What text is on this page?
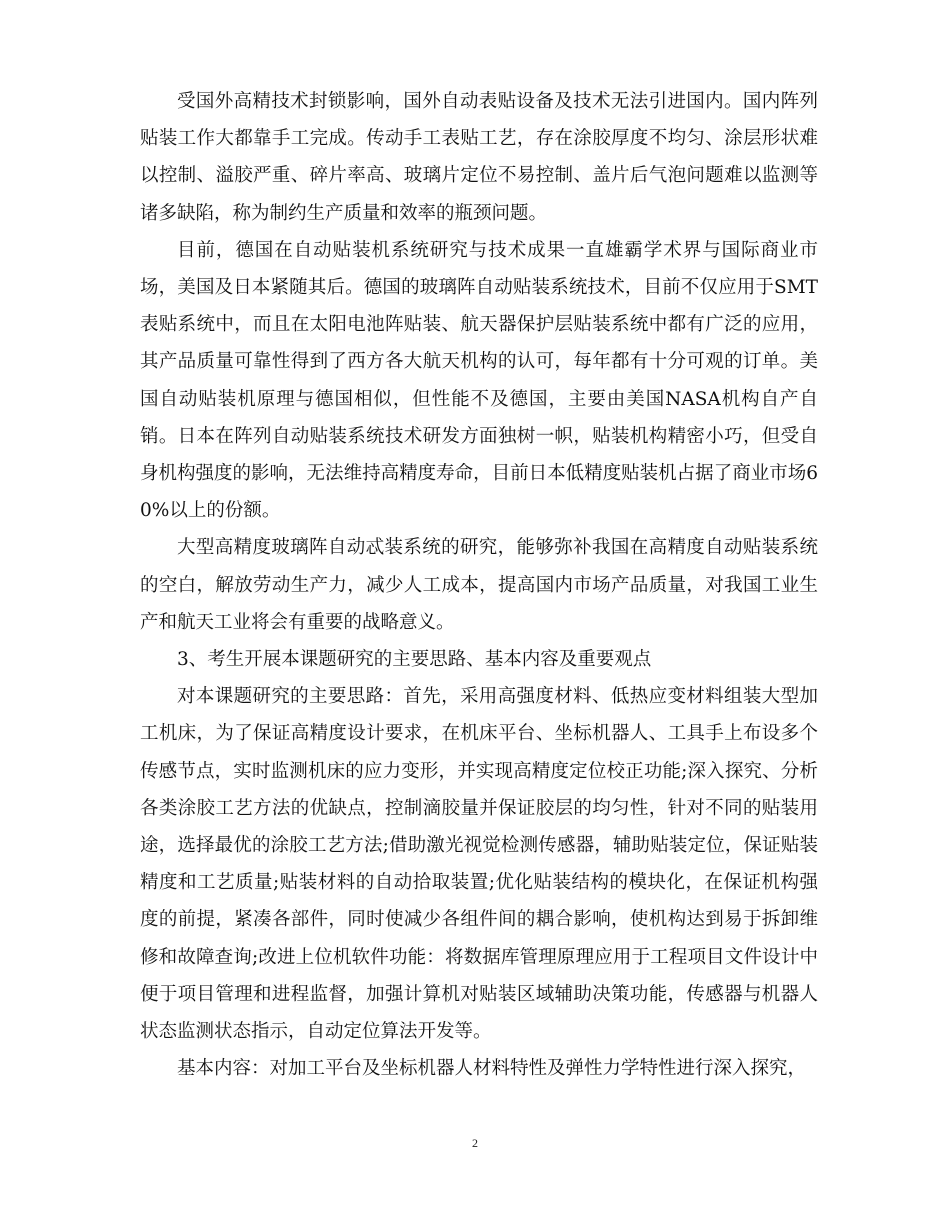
受国外高精技术封锁影响，国外自动表贴设备及技术无法引进国内。国内阵列贴装工作大都靠手工完成。传动手工表贴工艺，存在涂胶厚度不均匀、涂层形状难以控制、溢胶严重、碎片率高、玻璃片定位不易控制、盖片后气泡问题难以监测等诸多缺陷，称为制约生产质量和效率的瓶颈问题。

目前，德国在自动贴装机系统研究与技术成果一直雄霸学术界与国际商业市场，美国及日本紧随其后。德国的玻璃阵自动贴装系统技术，目前不仅应用于SMT表贴系统中，而且在太阳电池阵贴装、航天器保护层贴装系统中都有广泛的应用，其产品质量可靠性得到了西方各大航天机构的认可，每年都有十分可观的订单。美国自动贴装机原理与德国相似，但性能不及德国，主要由美国NASA机构自产自销。日本在阵列自动贴装系统技术研发方面独树一帜，贴装机构精密小巧，但受自身机构强度的影响，无法维持高精度寿命，目前日本低精度贴装机占据了商业市场60%以上的份额。

大型高精度玻璃阵自动忒装系统的研究，能够弥补我国在高精度自动贴装系统的空白，解放劳动生产力，减少人工成本，提高国内市场产品质量，对我国工业生产和航天工业将会有重要的战略意义。

3、考生开展本课题研究的主要思路、基本内容及重要观点

对本课题研究的主要思路：首先，采用高强度材料、低热应变材料组装大型加工机床，为了保证高精度设计要求，在机床平台、坐标机器人、工具手上布设多个传感节点，实时监测机床的应力变形，并实现高精度定位校正功能;深入探究、分析各类涂胶工艺方法的优缺点，控制滴胶量并保证胶层的均匀性，针对不同的贴装用途，选择最优的涂胶工艺方法;借助激光视觉检测传感器，辅助贴装定位，保证贴装精度和工艺质量;贴装材料的自动拾取装置;优化贴装结构的模块化，在保证机构强度的前提，紧凑各部件，同时使减少各组件间的耦合影响，使机构达到易于拆卸维修和故障查询;改进上位机软件功能：将数据库管理原理应用于工程项目文件设计中便于项目管理和进程监督，加强计算机对贴装区域辅助决策功能，传感器与机器人状态监测状态指示，自动定位算法开发等。

基本内容：对加工平台及坐标机器人材料特性及弹性力学特性进行深入探究，

2
